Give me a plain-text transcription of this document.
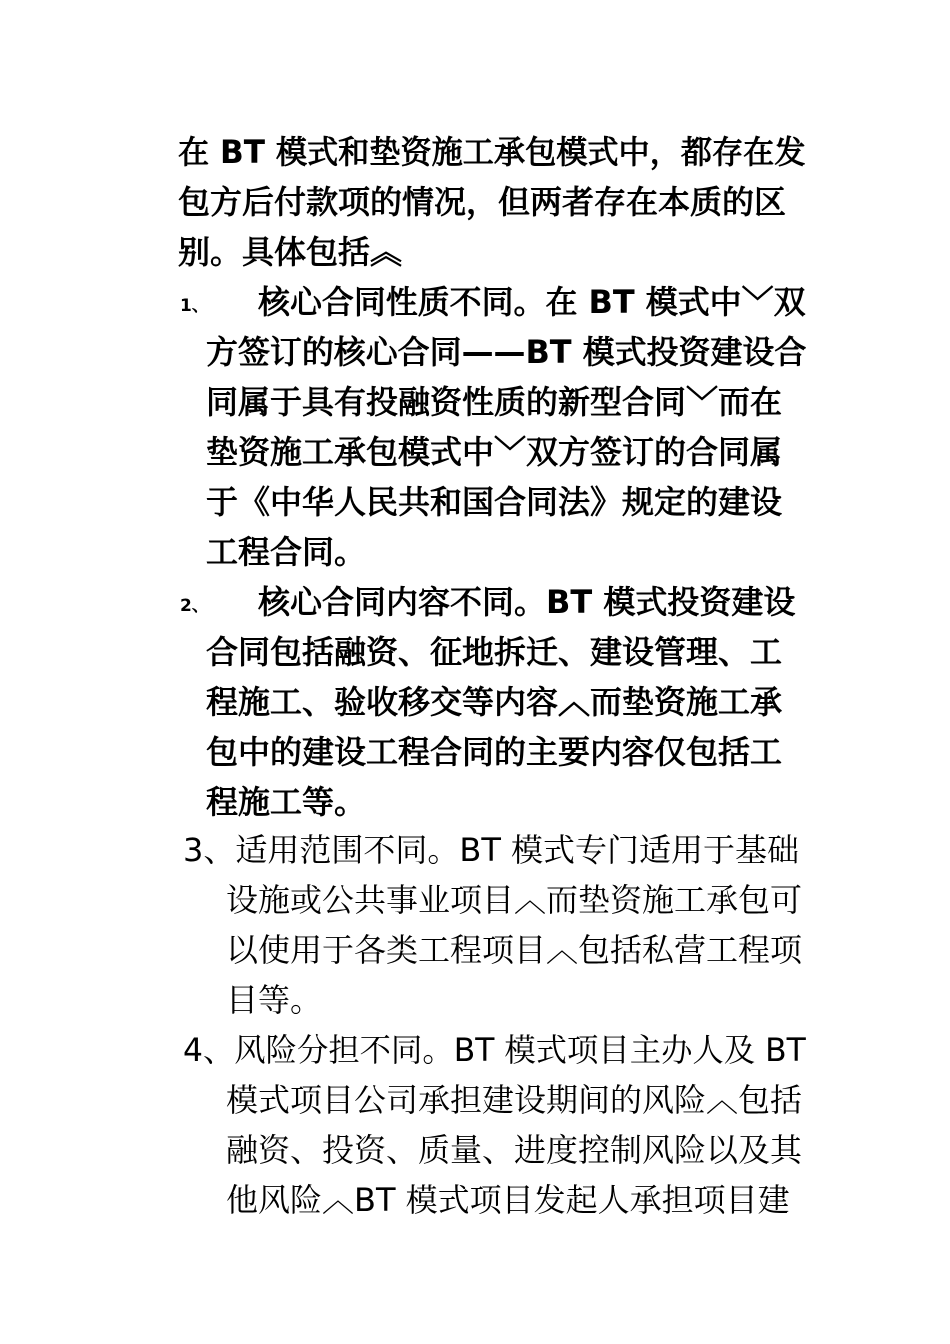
在 BT 模式和垫资施工承包模式中，都存在发
包方后付款项的情况，但两者存在本质的区
别。具体包括︽
1、 核心合同性质不同。在 BT 模式中﹀双
方签订的核心合同——BT 模式投资建设合
同属于具有投融资性质的新型合同﹀而在
垫资施工承包模式中﹀双方签订的合同属
于《中华人民共和国合同法》规定的建设
工程合同。
2、 核心合同内容不同。BT 模式投资建设
合同包括融资、征地拆迁、建设管理、工
程施工、验收移交等内容︿而垫资施工承
包中的建设工程合同的主要内容仅包括工
程施工等。
3、适用范围不同。BT 模式专门适用于基础
设施或公共事业项目︿而垫资施工承包可
以使用于各类工程项目︿包括私营工程项
目等。
4、风险分担不同。BT 模式项目主办人及 BT
模式项目公司承担建设期间的风险︿包括
融资、投资、质量、进度控制风险以及其
他风险︿BT 模式项目发起人承担项目建
